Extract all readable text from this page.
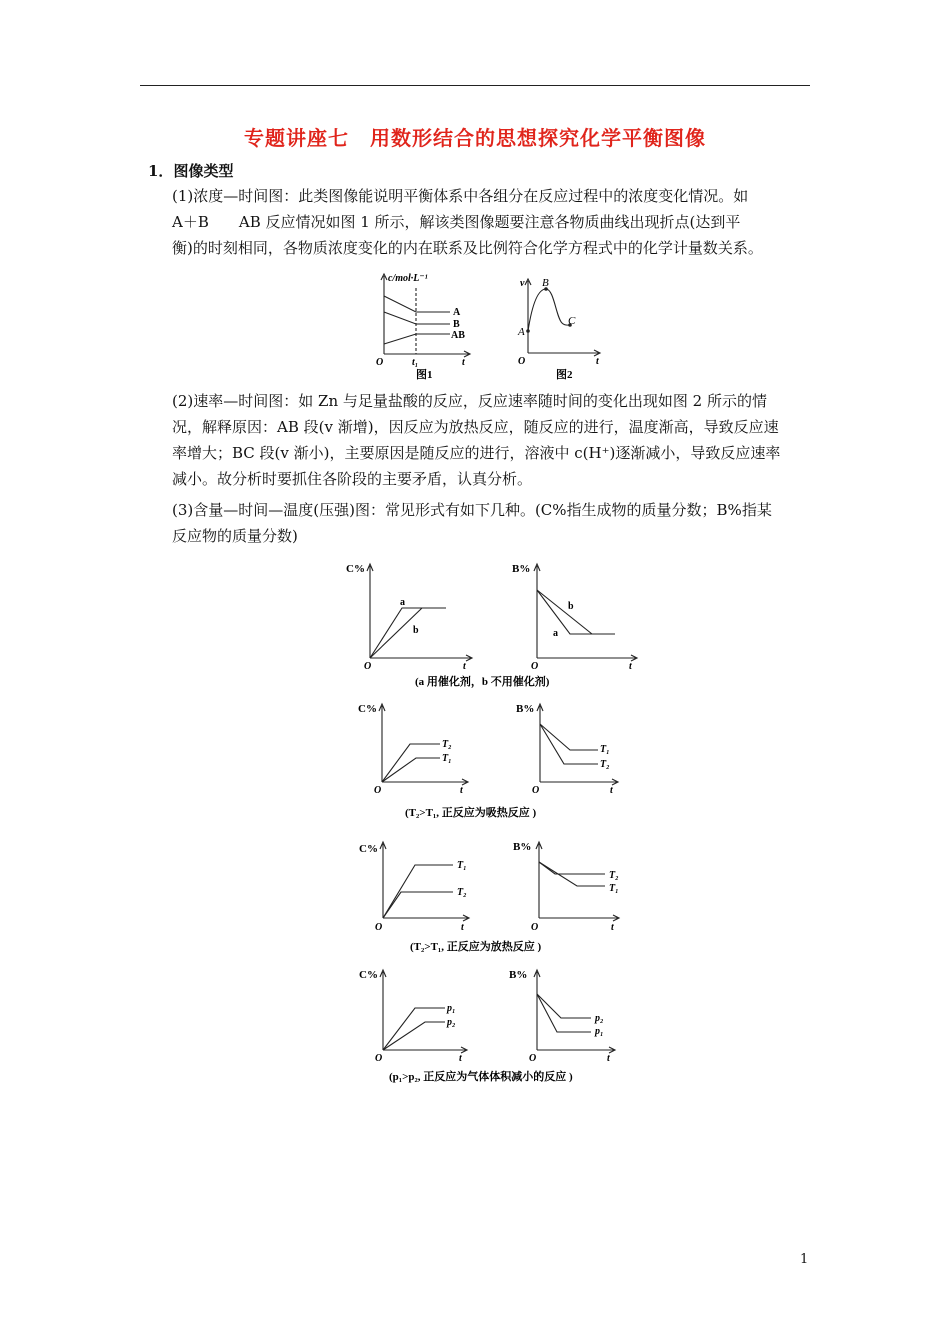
专题讲座七　用数形结合的思想探究化学平衡图像
1．图像类型
(1)浓度—时间图：此类图像能说明平衡体系中各组分在反应过程中的浓度变化情况。如
A＋B　　AB 反应情况如图 1 所示，解该类图像题要注意各物质曲线出现折点(达到平
衡)的时刻相同，各物质浓度变化的内在联系及比例符合化学方程式中的化学计量数关系。
c/mol·L⁻¹
A
B
AB
O	t₁	t
图1
v
A
B
C
O	t
图2
(2)速率—时间图：如 Zn 与足量盐酸的反应，反应速率随时间的变化出现如图 2 所示的情
况，解释原因：AB 段(v 渐增)，因反应为放热反应，随反应的进行，温度渐高，导致反应速
率增大；BC 段(v 渐小)，主要原因是随反应的进行，溶液中 c(H⁺)逐渐减小，导致反应速率
减小。故分析时要抓住各阶段的主要矛盾，认真分析。
(3)含量—时间—温度(压强)图：常见形式有如下几种。(C%指生成物的质量分数；B%指某
反应物的质量分数)
C%
a
b
O	t
B%
a
b
O	t
(a 用催化剂，b 不用催化剂)
C%
T₂
T₁
O	t
B%
T₁
T₂
O	t
(T₂>T₁, 正反应为吸热反应 )
C%
T₁
T₂
O	t
B%
T₂
T₁
O	t
(T₂>T₁, 正反应为放热反应 )
C%
p₁
p₂
O	t
B%
p₂
p₁
O	t
(p₁>p₂, 正反应为气体体积减小的反应 )
1
